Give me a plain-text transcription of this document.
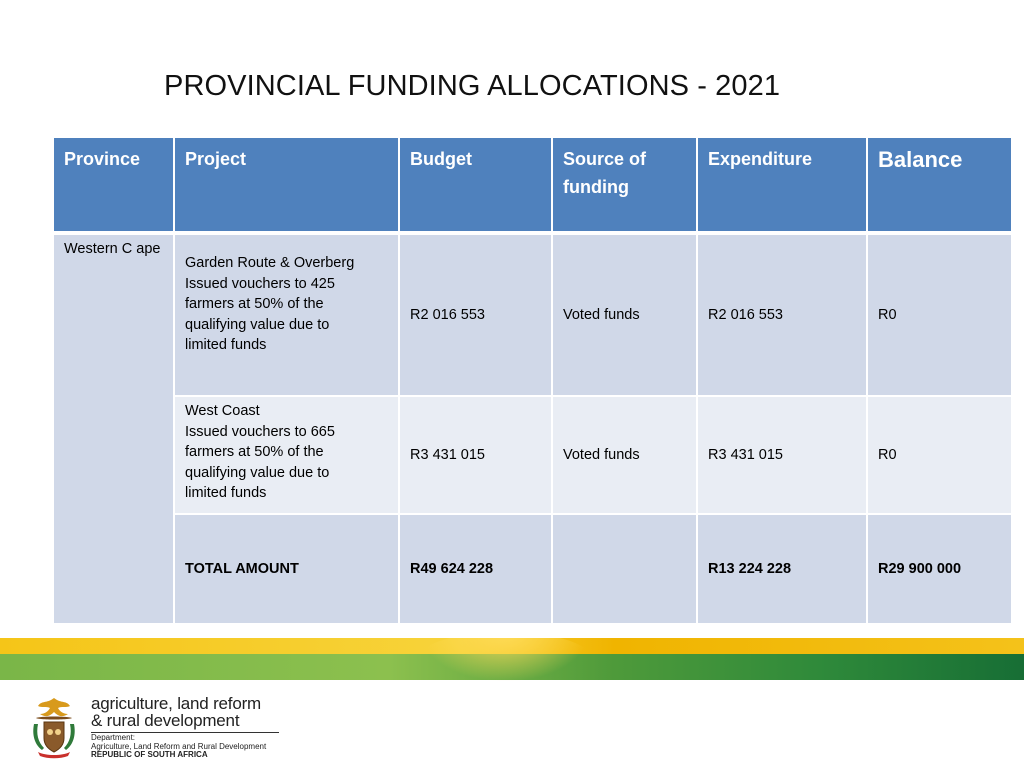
PROVINCIAL FUNDING ALLOCATIONS - 2021
Province	Project	Budget	Source of funding	Expenditure	Balance
Western C ape	Garden Route & Overberg
Issued vouchers to 425
farmers at 50% of the
qualifying value due to
limited funds	R2 016 553	Voted funds	R2 016 553	R0

	West Coast
Issued vouchers to 665
farmers at 50% of the
qualifying value due to
limited funds	R3 431 015	Voted funds	R3 431 015	R0
	TOTAL AMOUNT	R49 624 228		R13 224 228	R29 900 000
agriculture, land reform
& rural development
Department:
Agriculture, Land Reform and Rural Development
REPUBLIC OF SOUTH AFRICA
